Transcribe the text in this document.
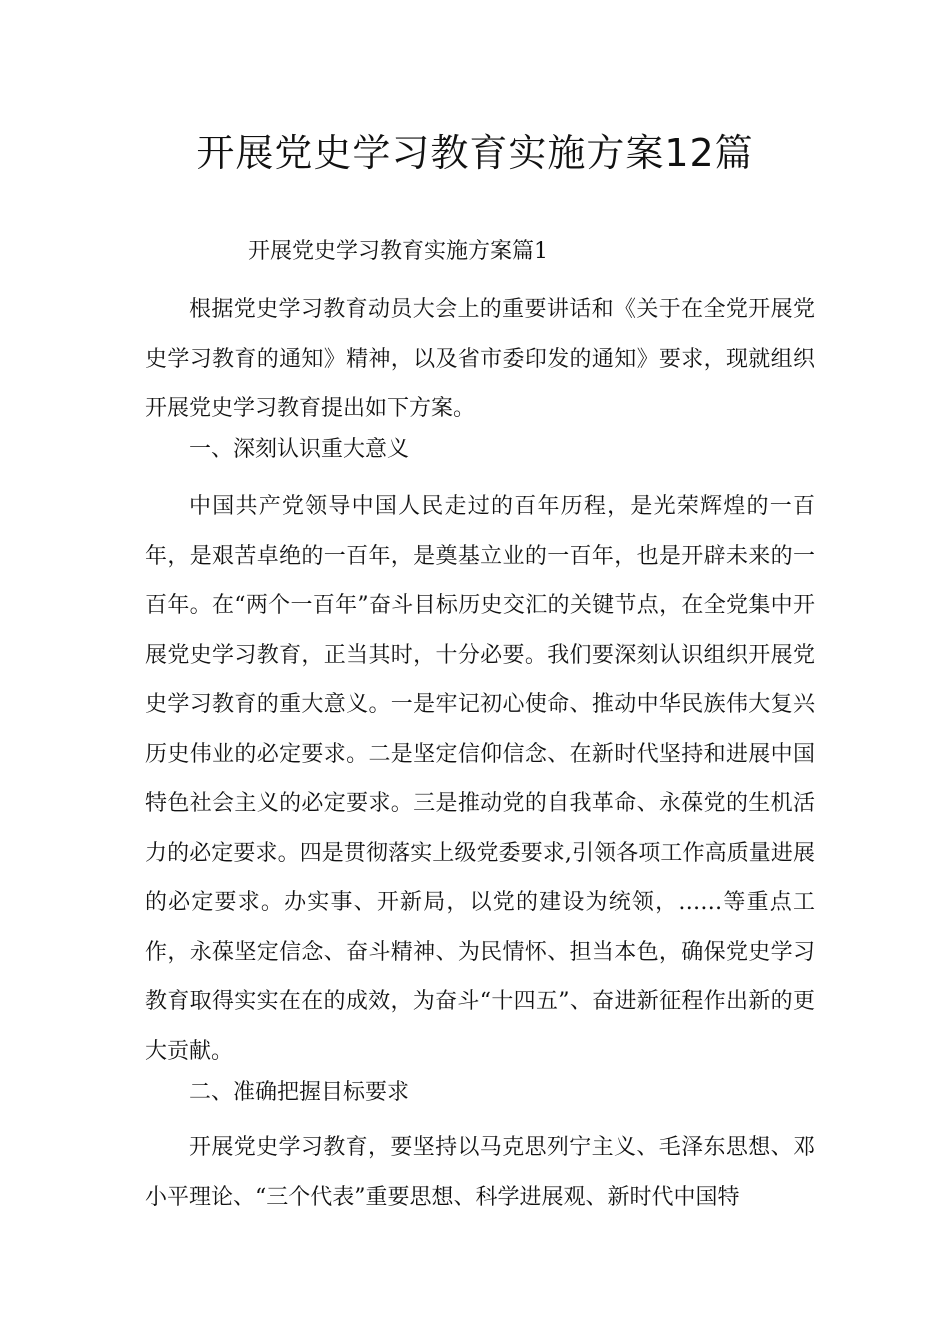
开展党史学习教育实施方案12篇
开展党史学习教育实施方案篇1

根据党史学习教育动员大会上的重要讲话和《关于在全党开展党史学习教育的通知》精神，以及省市委印发的通知》要求，现就组织开展党史学习教育提出如下方案。

一、深刻认识重大意义

中国共产党领导中国人民走过的百年历程，是光荣辉煌的一百年，是艰苦卓绝的一百年，是奠基立业的一百年，也是开辟未来的一百年。在“两个一百年”奋斗目标历史交汇的关键节点，在全党集中开展党史学习教育，正当其时，十分必要。我们要深刻认识组织开展党史学习教育的重大意义。一是牢记初心使命、推动中华民族伟大复兴历史伟业的必定要求。二是坚定信仰信念、在新时代坚持和进展中国特色社会主义的必定要求。三是推动党的自我革命、永葆党的生机活力的必定要求。四是贯彻落实上级党委要求,引领各项工作高质量进展的必定要求。办实事、开新局，以党的建设为统领，……等重点工作，永葆坚定信念、奋斗精神、为民情怀、担当本色，确保党史学习教育取得实实在在的成效，为奋斗“十四五”、奋进新征程作出新的更大贡献。

二、准确把握目标要求

开展党史学习教育，要坚持以马克思列宁主义、毛泽东思想、邓小平理论、“三个代表”重要思想、科学进展观、新时代中国特
